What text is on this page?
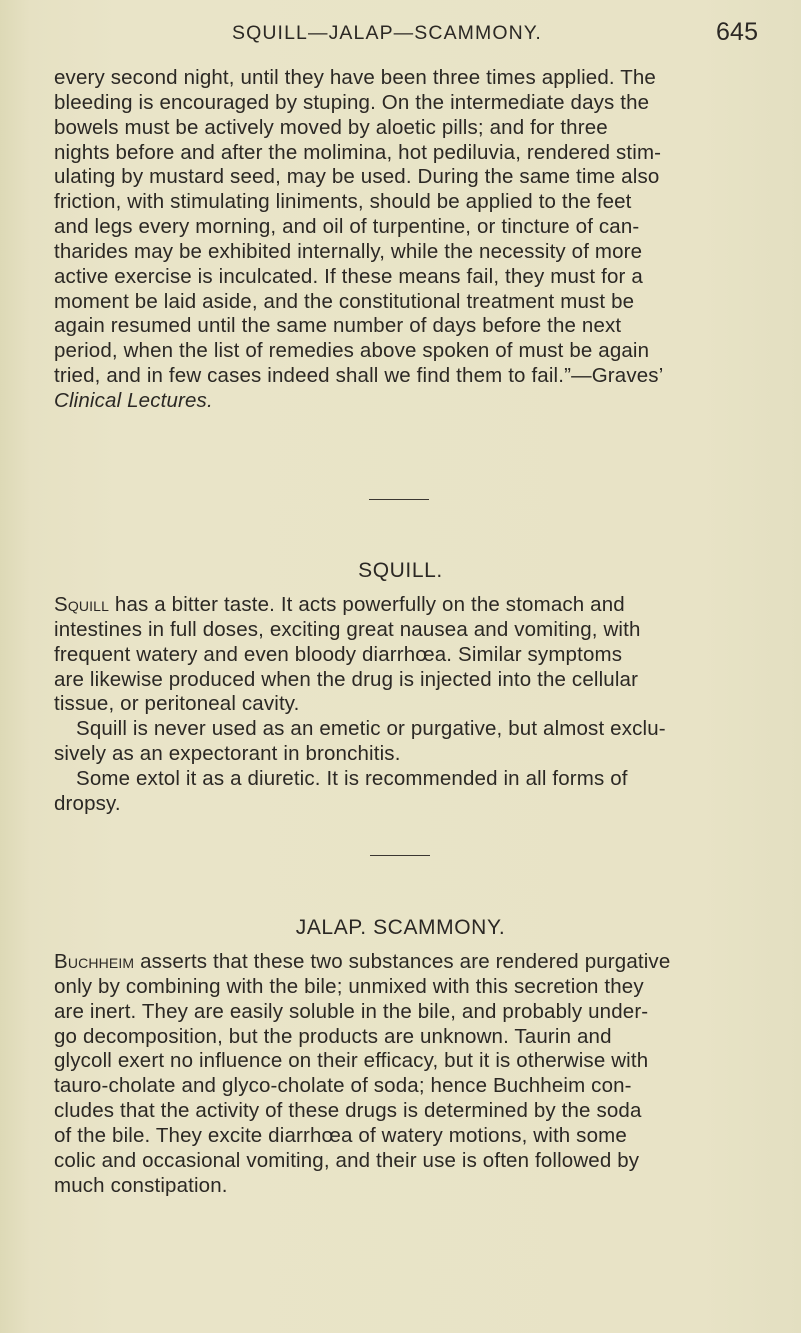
SQUILL—JALAP—SCAMMONY.	645
every second night, until they have been three times applied. The
bleeding is encouraged by stuping. On the intermediate days the
bowels must be actively moved by aloetic pills; and for three
nights before and after the molimina, hot pediluvia, rendered stim-
ulating by mustard seed, may be used. During the same time also
friction, with stimulating liniments, should be applied to the feet
and legs every morning, and oil of turpentine, or tincture of can-
tharides may be exhibited internally, while the necessity of more
active exercise is inculcated. If these means fail, they must for a
moment be laid aside, and the constitutional treatment must be
again resumed until the same number of days before the next
period, when the list of remedies above spoken of must be again
tried, and in few cases indeed shall we find them to fail.”—Graves’
Clinical Lectures.
SQUILL.
Squill has a bitter taste. It acts powerfully on the stomach and
intestines in full doses, exciting great nausea and vomiting, with
frequent watery and even bloody diarrhœa. Similar symptoms
are likewise produced when the drug is injected into the cellular
tissue, or peritoneal cavity.
Squill is never used as an emetic or purgative, but almost exclu-
sively as an expectorant in bronchitis.
Some extol it as a diuretic. It is recommended in all forms of
dropsy.
JALAP. SCAMMONY.
Buchheim asserts that these two substances are rendered purgative
only by combining with the bile; unmixed with this secretion they
are inert. They are easily soluble in the bile, and probably under-
go decomposition, but the products are unknown. Taurin and
glycoll exert no influence on their efficacy, but it is otherwise with
tauro-cholate and glyco-cholate of soda; hence Buchheim con-
cludes that the activity of these drugs is determined by the soda
of the bile. They excite diarrhœa of watery motions, with some
colic and occasional vomiting, and their use is often followed by
much constipation.
